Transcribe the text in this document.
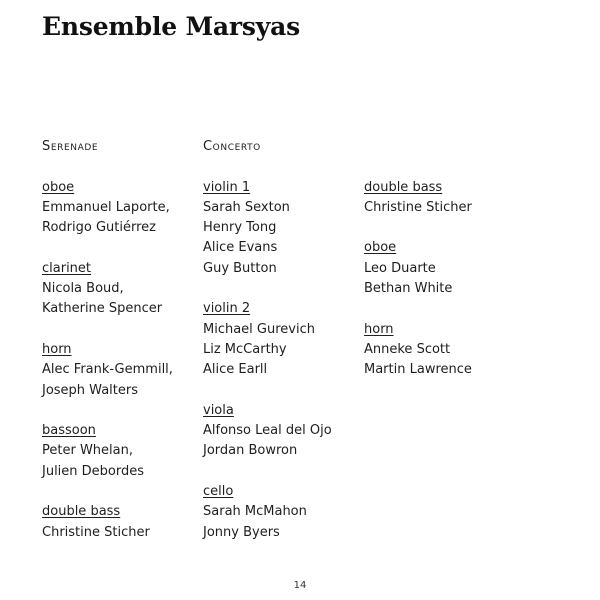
Ensemble Marsyas
Serenade
oboe
Emmanuel Laporte,
Rodrigo Gutiérrez
clarinet
Nicola Boud,
Katherine Spencer
horn
Alec Frank-Gemmill,
Joseph Walters
bassoon
Peter Whelan,
Julien Debordes
double bass
Christine Sticher
Concerto
violin 1
Sarah Sexton
Henry Tong
Alice Evans
Guy Button
violin 2
Michael Gurevich
Liz McCarthy
Alice Earll
viola
Alfonso Leal del Ojo
Jordan Bowron
cello
Sarah McMahon
Jonny Byers
double bass
Christine Sticher
oboe
Leo Duarte
Bethan White
horn
Anneke Scott
Martin Lawrence
14
